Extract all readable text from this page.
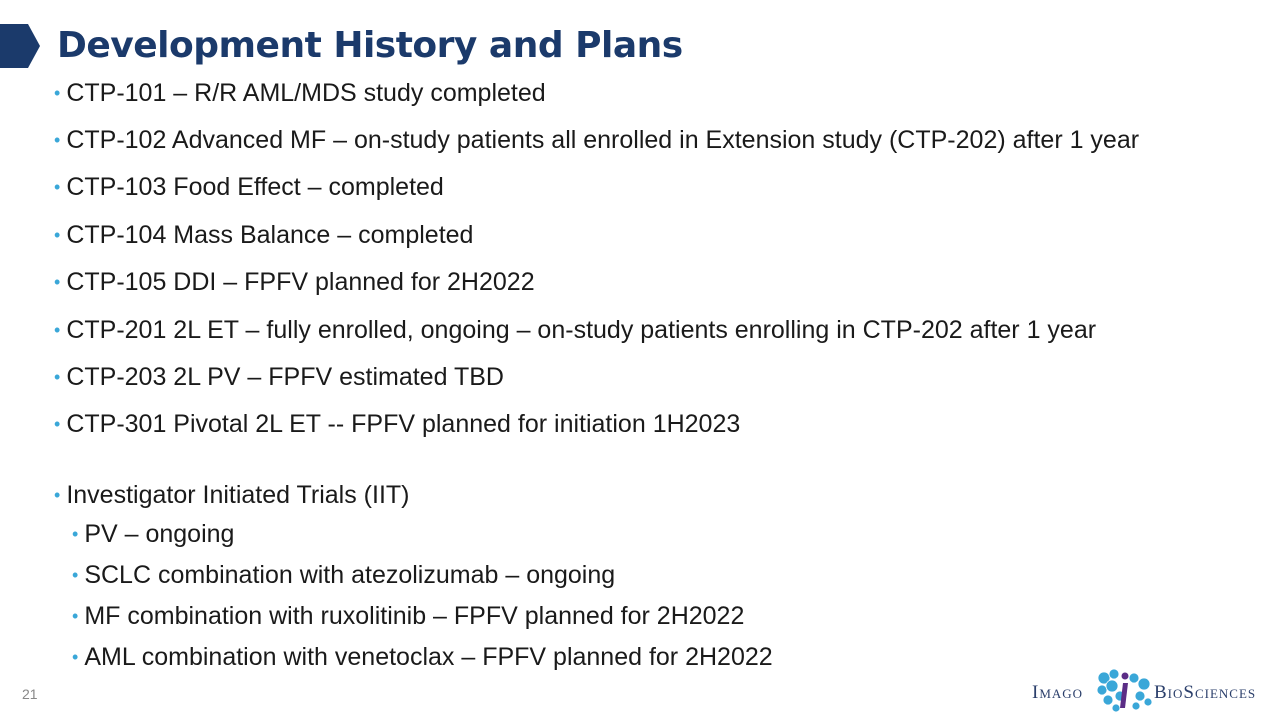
Development History and Plans
• CTP-101 – R/R AML/MDS study completed
• CTP-102 Advanced MF – on-study patients all enrolled in Extension study (CTP-202) after 1 year
• CTP-103 Food Effect – completed
• CTP-104 Mass Balance – completed
• CTP-105 DDI – FPFV planned for 2H2022
• CTP-201 2L ET – fully enrolled, ongoing – on-study patients enrolling in CTP-202 after 1 year
• CTP-203 2L PV – FPFV estimated TBD
• CTP-301 Pivotal 2L ET -- FPFV planned for initiation 1H2023
• Investigator Initiated Trials (IIT)
• PV – ongoing
• SCLC combination with atezolizumab – ongoing
• MF combination with ruxolitinib – FPFV planned for 2H2022
• AML combination with venetoclax – FPFV planned for 2H2022
21	Imago	BioSciences
